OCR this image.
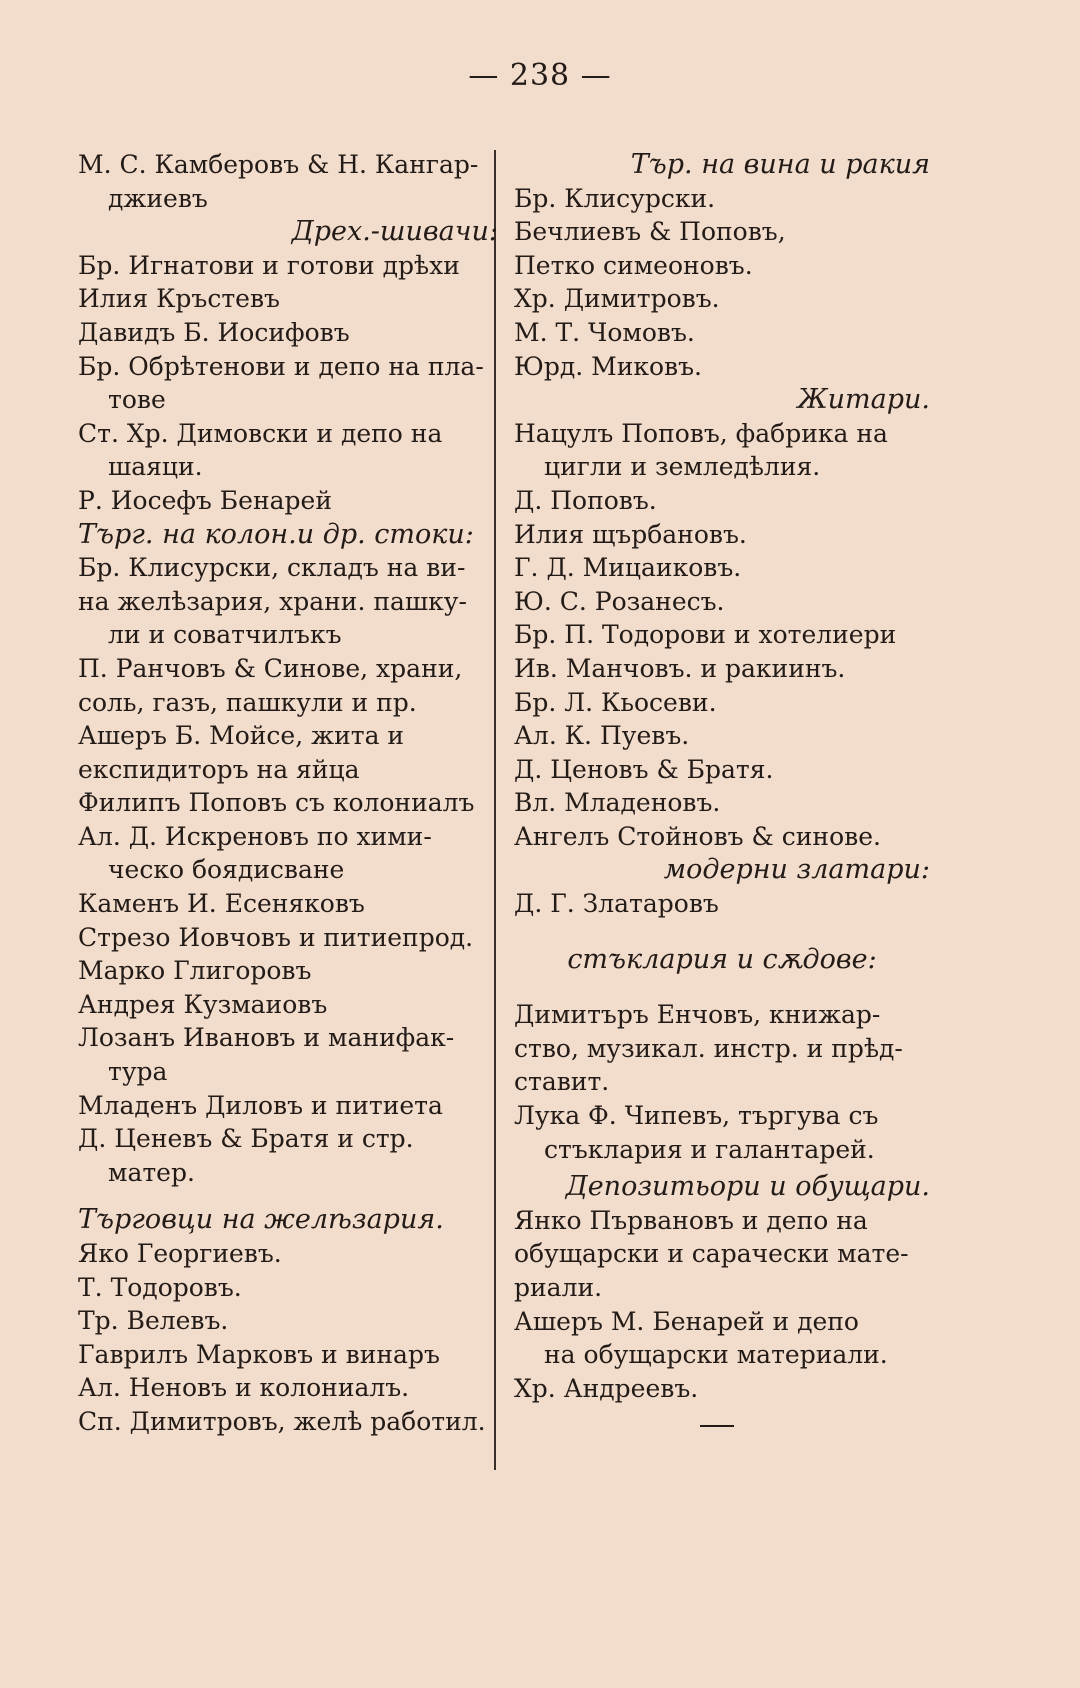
— 238 —
М. С. Камберовъ & Н. Кангар-
джиевъ
Дрех.-шивачи:
Бр. Игнатови и готови дрѣхи
Илия Кръстевъ
Давидъ Б. Иосифовъ
Бр. Обрѣтенови и депо на пла-
тове
Ст. Хр. Димовски и депо на
шаяци.
Р. Иосефъ Бенарей
Търг. на колон.и др. стоки:
Бр. Клисурски, складъ на ви-
на желѣзария, храни. пашку-
ли и соватчилъкъ
П. Ранчовъ & Синове, храни,
соль, газъ, пашкули и пр.
Ашеръ Б. Мойсе, жита и
експидиторъ на яйца
Филипъ Поповъ съ колониалъ
Ал. Д. Искреновъ по хими-
ческо боядисване
Каменъ И. Есеняковъ
Стрезо Иовчовъ и питиепрод.
Марко Глигоровъ
Андрея Кузмаиовъ
Лозанъ Ивановъ и манифак-
тура
Младенъ Диловъ и питиета
Д. Ценевъ & Братя и стр.
матер.
Търговци на желѣзария.
Яко Георгиевъ.
Т. Тодоровъ.
Тр. Велевъ.
Гаврилъ Марковъ и винаръ
Ал. Неновъ и колониалъ.
Сп. Димитровъ, желѣ работил.
Тър. на вина и ракия
Бр. Клисурски.
Бечлиевъ & Поповъ,
Петко симеоновъ.
Хр. Димитровъ.
М. Т. Чомовъ.
Юрд. Миковъ.
Житари.
Нацулъ Поповъ, фабрика на
цигли и земледѣлия.
Д. Поповъ.
Илия щърбановъ.
Г. Д. Мицаиковъ.
Ю. С. Розанесъ.
Бр. П. Тодорови и хотелиери
Ив. Манчовъ. и ракиинъ.
Бр. Л. Кьосеви.
Ал. К. Пуевъ.
Д. Ценовъ & Братя.
Вл. Младеновъ.
Ангелъ Стойновъ & синове.
модерни златари:
Д. Г. Златаровъ
стъклария и сѫдове:
Димитъръ Енчовъ, книжар-
ство, музикал. инстр. и прѣд-
ставит.
Лука Ф. Чипевъ, търгува съ
стъклария и галантарей.
Депозитьори и обущари.
Янко Първановъ и депо на
обущарски и сарачески мате-
риали.
Ашеръ М. Бенарей и депо
на обущарски материали.
Хр. Андреевъ.
